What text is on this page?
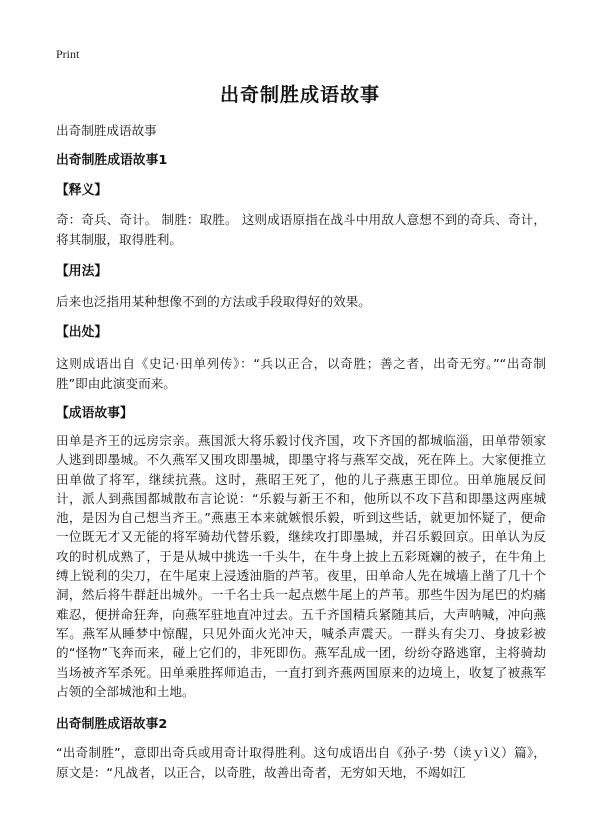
Print
出奇制胜成语故事
出奇制胜成语故事
出奇制胜成语故事1
【释义】
奇：奇兵、奇计。 制胜：取胜。 这则成语原指在战斗中用敌人意想不到的奇兵、奇计，将其制服，取得胜利。
【用法】
后来也泛指用某种想像不到的方法或手段取得好的效果。
【出处】
这则成语出自《史记·田单列传》：“兵以正合，以奇胜；善之者，出奇无穷。”“出奇制胜”即由此演变而来。
【成语故事】
田单是齐王的远房宗亲。燕国派大将乐毅讨伐齐国，攻下齐国的都城临淄，田单带领家人逃到即墨城。不久燕军又围攻即墨城，即墨守将与燕军交战，死在阵上。大家便推立田单做了将军，继续抗燕。这时，燕昭王死了，他的儿子燕惠王即位。田单施展反间计，派人到燕国都城散布言论说：“乐毅与新王不和，他所以不攻下莒和即墨这两座城池，是因为自己想当齐王。”燕惠王本来就嫉恨乐毅，听到这些话，就更加怀疑了，便命一位既无才又无能的将军骑劫代替乐毅，继续攻打即墨城，并召乐毅回京。田单认为反攻的时机成熟了，于是从城中挑选一千头牛，在牛身上披上五彩斑斓的被子，在牛角上缚上锐利的尖刀，在牛尾束上浸透油脂的芦苇。夜里，田单命人先在城墙上凿了几十个洞，然后将牛群赶出城外。一千名士兵一起点燃牛尾上的芦苇。那些牛因为尾巴的灼痛难忍，便拼命狂奔，向燕军驻地直冲过去。五千齐国精兵紧随其后，大声呐喊，冲向燕军。燕军从睡梦中惊醒，只见外面火光冲天，喊杀声震天。一群头有尖刀、身披彩被的“怪物”飞奔而来，碰上它们的，非死即伤。燕军乱成一团，纷纷夺路逃窜，主将骑劫当场被齐军杀死。田单乘胜挥师追击，一直打到齐燕两国原来的边境上，收复了被燕军占领的全部城池和土地。
出奇制胜成语故事2
“出奇制胜”，意即出奇兵或用奇计取得胜利。这句成语出自《孙子·势（读ｙì义）篇》，原文是：“凡战者，以正合，以奇胜，故善出奇者，无穷如天地，不竭如江
